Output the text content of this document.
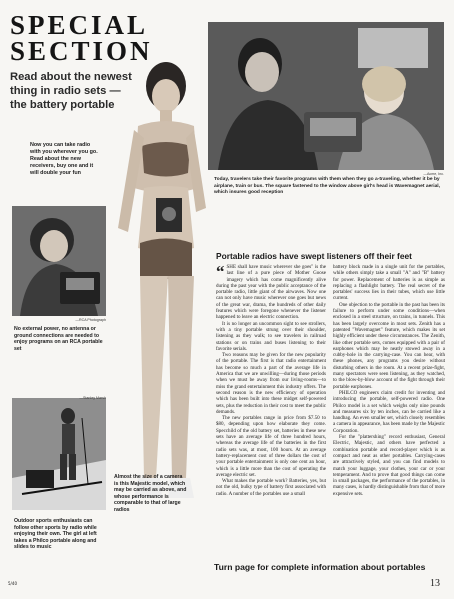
SPECIAL
SECTION
Read about the newest thing in radio sets — the battery portable
Now you can take radio with you wherever you go. Read about the new receivers, buy one and it will double your fun	—Acme, Inc.
Today, travelers take their favorite programs with them when they go a-traveling, whether it be by airplane, train or bus. The square fastened to the window above girl's head is Wavemagnet aerial, which insures good reception
—RCA Photograph
No external power, no antenna or ground connections are needed to enjoy programs on an RCA portable set
—Stanley Marsh
Outdoor sports enthusiasts can follow other sports by radio while enjoying their own. The girl at left takes a Philco portable along and slides to music
Almost the size of a camera is this Majestic model, which may be carried as above, and whose performance is comparable to that of large radios
Portable radios have swept listeners off their feet

“ SHE shall have music wherever she goes" is the last line of a pure piece of Mother Goose imagery which has come magnificently alive during the past year with the public acceptance of the portable radio, little giant of the airwaves. Now one can not only have music wherever one goes but news of the great war, drama, the hundreds of other daily features which were foregone whenever the listener happened to leave an electric connection.

It is no longer an uncommon sight to see strollers, with a tiny portable strung over their shoulder, listening as they walk; to see travelers in railroad stations or on trains and buses listening to their favorite serials.

Two reasons may be given for the new popularity of the portable. The first is that radio entertainment has become so much a part of the average life in America that we are unwilling—during those periods when we must be away from our living-rooms—to miss the grand entertainment this industry offers. The second reason is the new efficiency of operation which has been built into these midget self-powered sets, plus the reduction in their cost to meet the public demands.

The new portables range in price from $7.50 to $80, depending upon how elaborate they come. Specchild of the old battery set, batteries in these new sets have an average life of three hundred hours, whereas the average life of the batteries in the first radio sets was, at most, 100 hours. At an average battery-replacement cost of three dollars the cost of your portable entertainment is only one cent an hour, which is a little more than the cost of operating the average electric set.

What makes the portable work? Batteries, yes, but not the old, bulky type of battery first associated with radio. A number of the portables use a small

battery block made in a single unit for the portables, while others simply take a small "A" and "B" battery for power. Replacement of batteries is as simple as replacing a flashlight battery. The real secret of the portables' success lies in their tubes, which use little current.

One objection to the portable in the past has been its failure to perform under some conditions—when enclosed in a steel structure, on trains, in tunnels. This has been largely overcome in most sets. Zenith has a patented "Wavemagnet" feature, which makes its set highly efficient under these circumstances. The Zenith, like other portable sets, comes equipped with a pair of earphones which may be neatly stowed away in a cubby-hole in the carrying-case. You can hear, with these phones, any programs you desire without disturbing others in the room. At a recent prize-fight, many spectators were seen listening, as they watched, to the blow-by-blow account of the fight through their portable earphones.

PHILCO engineers claim credit for inventing and introducing the portable, self-powered radio. One Philco model is a set which weighs only nine pounds and measures six by ten inches, can be carried like a handbag. An even smaller set, which closely resembles a camera in appearance, has been made by the Majestic Corporation.

For the "plattershing" record enthusiast, General Electric, Majestic, and others have perfected a combination portable and record-player which is as compact and neat as other portables. Carrying-cases are attractively styled, and you can find models to match your luggage, your clothes, your car or your temperament. And to prove that good things can come in small packages, the performance of the portables, in many cases, is hardly distinguishable from that of more expensive sets.

Turn page for complete information about portables
5/40	13
